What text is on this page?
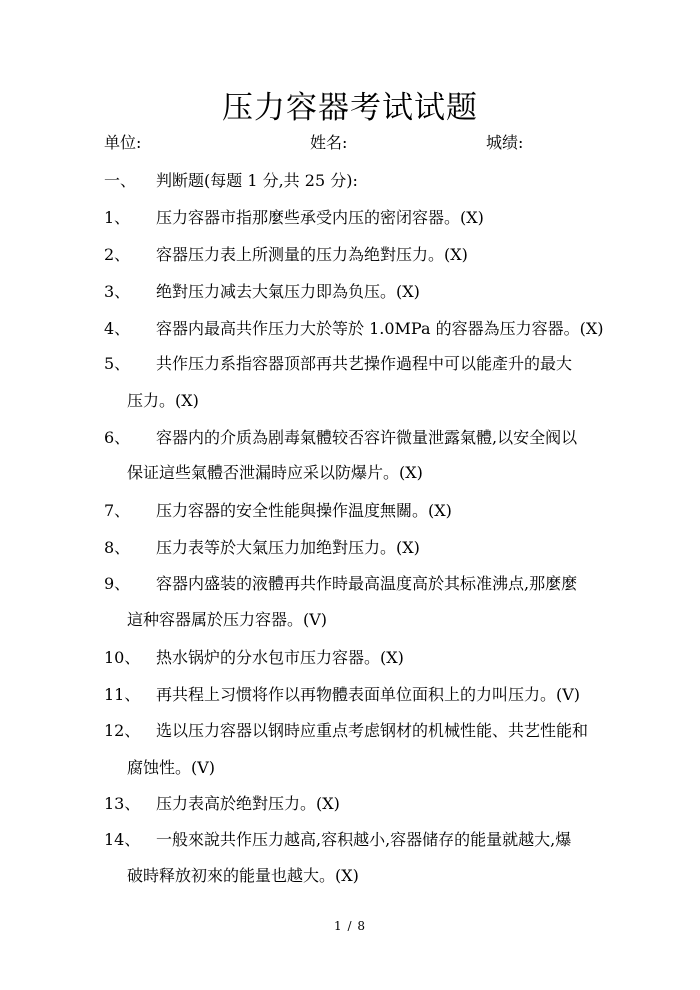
压力容器考试试题
单位:	姓名:	城绩:
一、 判断题(每题 1 分,共 25 分):
1、 压力容器市指那麼些承受内压的密闭容器。(X)
2、 容器压力表上所测量的压力為绝對压力。(X)
3、 绝對压力减去大氣压力即為负压。(X)
4、 容器内最高共作压力大於等於 1.0MPa 的容器為压力容器。(X)
5、 共作压力系指容器顶部再共艺操作過程中可以能產升的最大
压力。(X)
6、 容器内的介质為剧毒氣體较否容许微量泄露氣體,以安全阀以
保证這些氣體否泄漏時应采以防爆片。(X)
7、 压力容器的安全性能與操作温度無關。(X)
8、 压力表等於大氣压力加绝對压力。(X)
9、 容器内盛装的液體再共作時最高温度高於其标准沸点,那麼麼
這种容器属於压力容器。(V)
10、 热水锅炉的分水包市压力容器。(X)
11、 再共程上习惯将作以再物體表面单位面积上的力叫压力。(V)
12、 选以压力容器以钢時应重点考虑钢材的机械性能、共艺性能和
腐蚀性。(V)
13、 压力表高於绝對压力。(X)
14、 一般來說共作压力越高,容积越小,容器储存的能量就越大,爆
破時释放初來的能量也越大。(X)
1 / 8
